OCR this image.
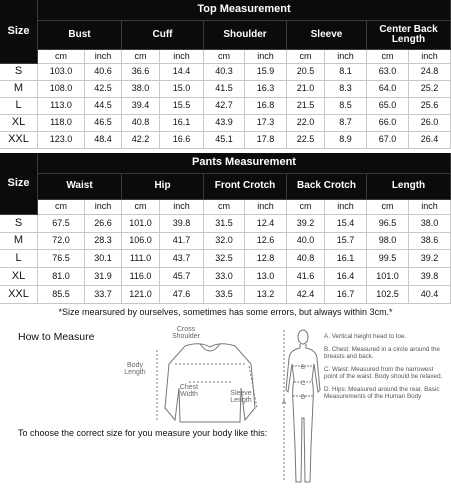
Size
Top Measurement
Bust	Cuff	Shoulder	Sleeve	Center Back Length
cm	inch	cm	inch	cm	inch	cm	inch	cm	inch
S	103.0	40.6	36.6	14.4	40.3	15.9	20.5	8.1	63.0	24.8
M	108.0	42.5	38.0	15.0	41.5	16.3	21.0	8.3	64.0	25.2
L	113.0	44.5	39.4	15.5	42.7	16.8	21.5	8.5	65.0	25.6
XL	118.0	46.5	40.8	16.1	43.9	17.3	22.0	8.7	66.0	26.0
XXL	123.0	48.4	42.2	16.6	45.1	17.8	22.5	8.9	67.0	26.4
Size
Pants Measurement
Waist	Hip	Front Crotch	Back Crotch	Length
cm	inch	cm	inch	cm	inch	cm	inch	cm	inch
S	67.5	26.6	101.0	39.8	31.5	12.4	39.2	15.4	96.5	38.0
M	72.0	28.3	106.0	41.7	32.0	12.6	40.0	15.7	98.0	38.6
L	76.5	30.1	111.0	43.7	32.5	12.8	40.8	16.1	99.5	39.2
XL	81.0	31.9	116.0	45.7	33.0	13.0	41.6	16.4	101.0	39.8
XXL	85.5	33.7	121.0	47.6	33.5	13.2	42.4	16.7	102.5	40.4
*Size mearsured by ourselves, sometimes has some errors, but always within 3cm.*
How to Measure
Cross Shoulder
Body Length
Chest Width	Sleeve Length
To choose the correct size for you measure your body like this:
A
B
C
D
A. Vertical height head to toe.
B. Chest: Measured in a circle around the breasts and back.
C. Waist: Measured from the narrowest point of the waist. Body should be relaxed.
D. Hips: Measured around the rear. Basic Measurements of the Human Body
